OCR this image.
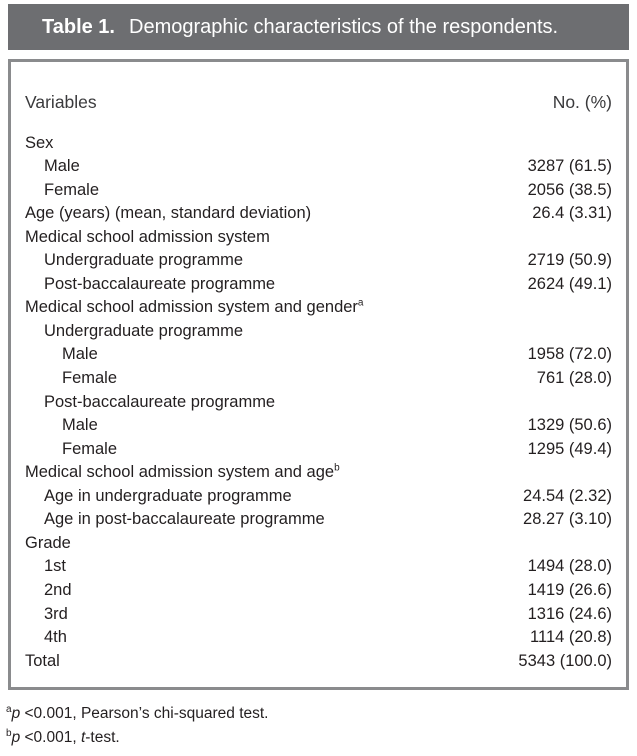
Table 1. Demographic characteristics of the respondents.
Variables	No. (%)
Sex
Male	3287 (61.5)
Female	2056 (38.5)
Age (years) (mean, standard deviation)	26.4 (3.31)
Medical school admission system
Undergraduate programme	2719 (50.9)
Post-baccalaureate programme	2624 (49.1)
Medical school admission system and gender$^a$
Undergraduate programme
Male	1958 (72.0)
Female	761 (28.0)
Post-baccalaureate programme
Male	1329 (50.6)
Female	1295 (49.4)
Medical school admission system and age$^b$
Age in undergraduate programme	24.54 (2.32)
Age in post-baccalaureate programme	28.27 (3.10)
Grade
1st	1494 (28.0)
2nd	1419 (26.6)
3rd	1316 (24.6)
4th	1114 (20.8)
Total	5343 (100.0)
$^a$p <0.001, Pearson’s chi-squared test.
$^b$p <0.001, t-test.
